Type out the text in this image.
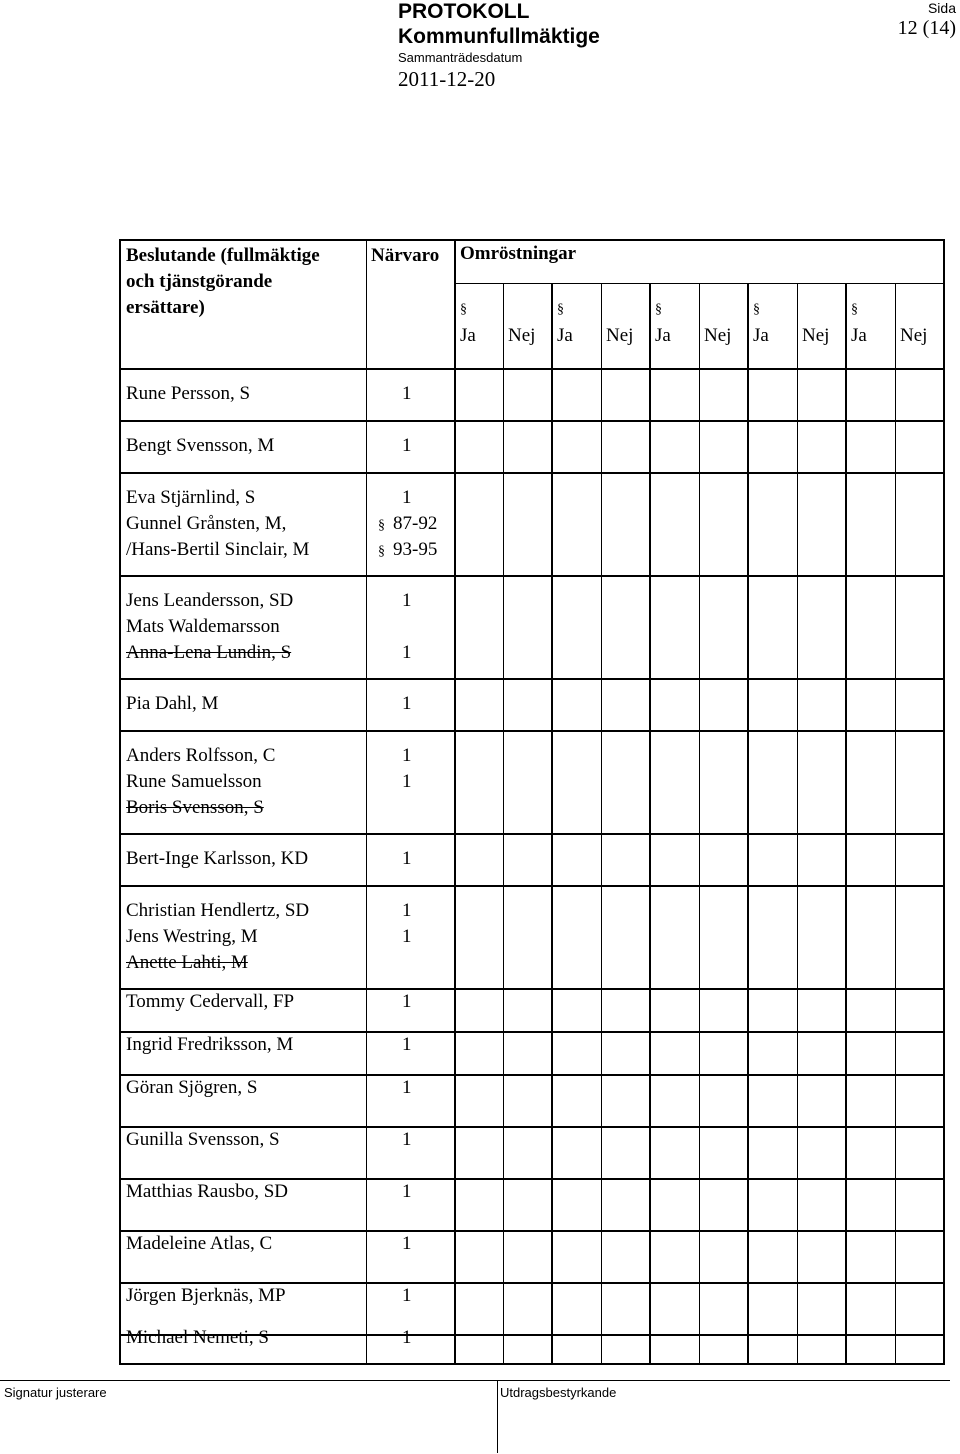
PROTOKOLL
Kommunfullmäktige
Sammanträdesdatum
2011-12-20
Sida
12 (14)
Beslutande (fullmäktige
och tjänstgörande
ersättare)
Närvaro Omröstningar
§
Ja Nej
§
Ja Nej
§
Ja Nej
§
Ja Nej
§
Ja Nej
Rune Persson, S	1
Bengt Svensson, M	1
Eva Stjärnlind, S	1
Gunnel Grånsten, M,	§ 87-92
/Hans-Bertil Sinclair, M	§ 93-95
Jens Leandersson, SD	1
Mats Waldemarsson
Anna-Lena Lundin, S	1
Pia Dahl, M	1
Anders Rolfsson, C	1
Rune Samuelsson	1
Boris Svensson, S
Bert-Inge Karlsson, KD	1
Christian Hendlertz, SD	1
Jens Westring, M	1
Anette Lahti, M
Tommy Cedervall, FP	1
Ingrid Fredriksson, M	1
Göran Sjögren, S	1
Gunilla Svensson, S	1
Matthias Rausbo, SD	1
Madeleine Atlas, C	1
Jörgen Bjerknäs, MP	1
Michael Nemeti, S	1
Signatur justerare	Utdragsbestyrkande
